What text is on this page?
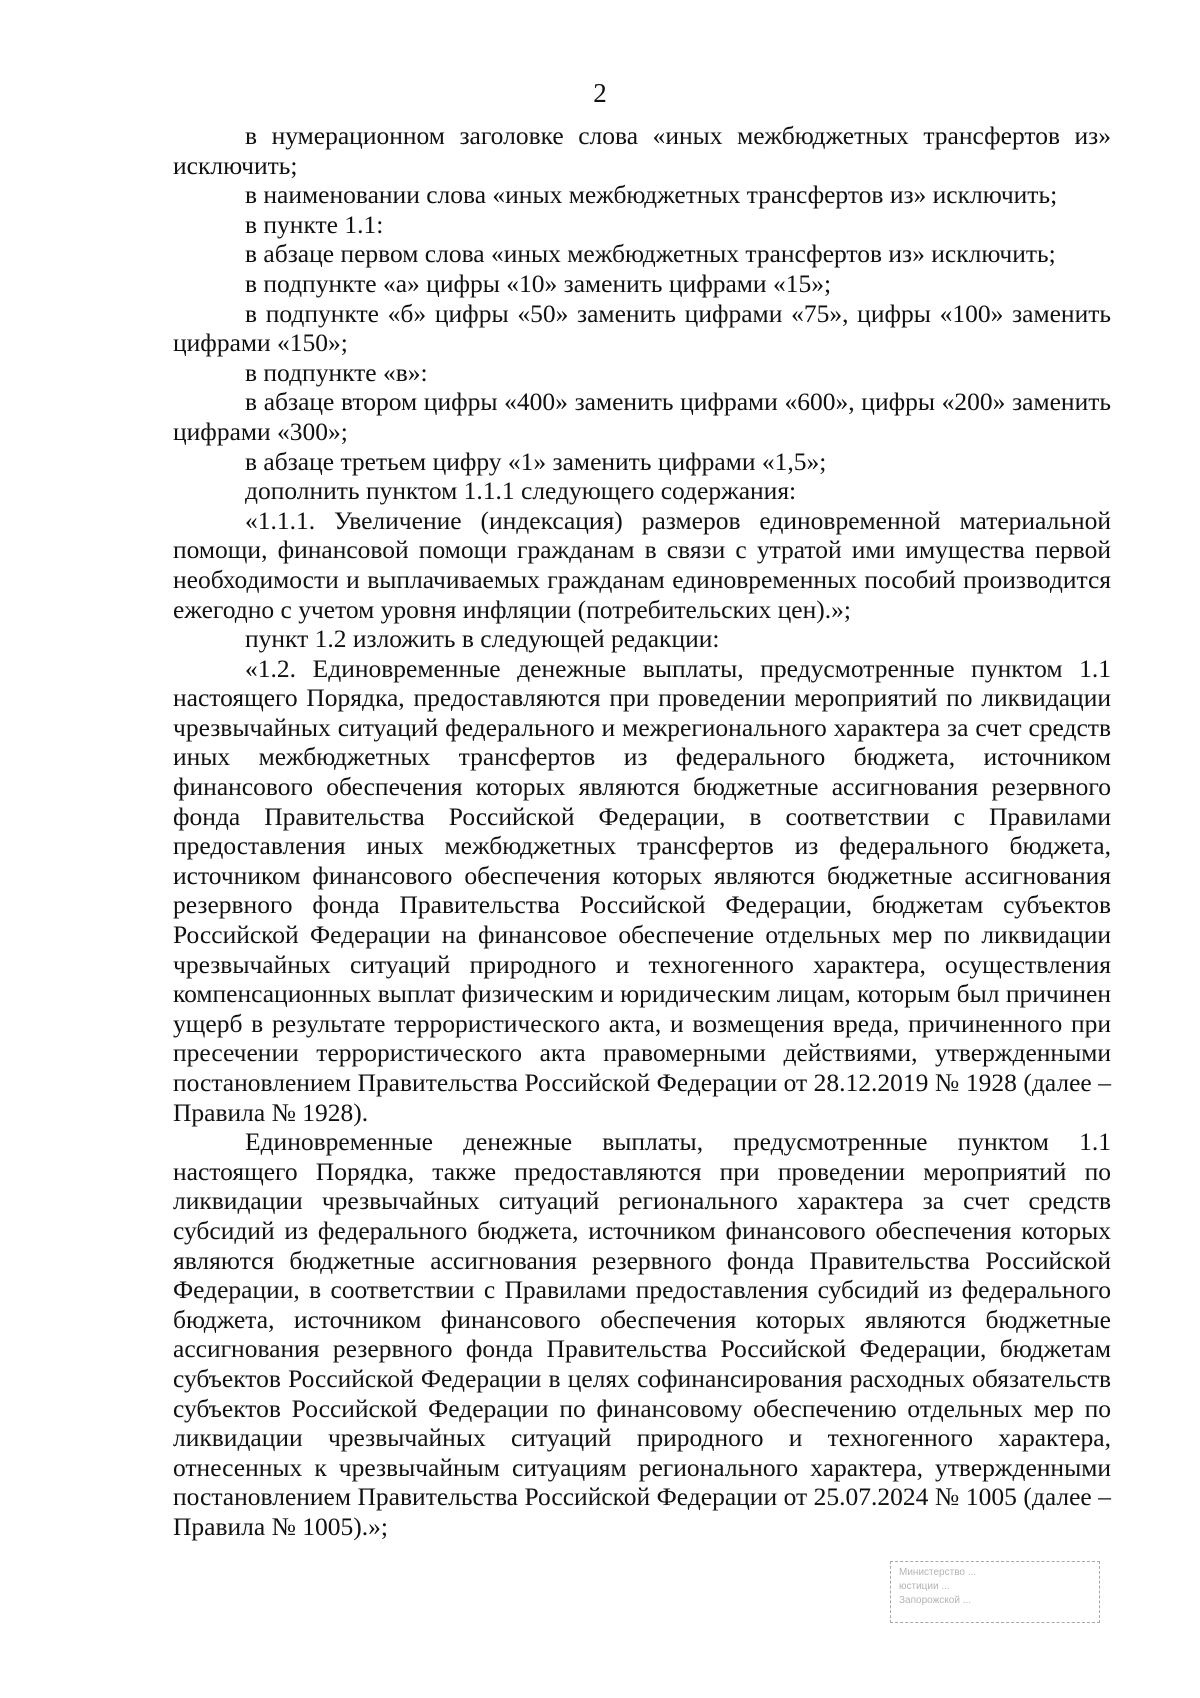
2

в нумерационном заголовке слова «иных межбюджетных трансфертов из» исключить;

в наименовании слова «иных межбюджетных трансфертов из» исключить;

в пункте 1.1:

в абзаце первом слова «иных межбюджетных трансфертов из» исключить;

в подпункте «а» цифры «10» заменить цифрами «15»;

в подпункте «б» цифры «50» заменить цифрами «75», цифры «100» заменить цифрами «150»;

в подпункте «в»:

в абзаце втором цифры «400» заменить цифрами «600», цифры «200» заменить цифрами «300»;

в абзаце третьем цифру «1» заменить цифрами «1,5»;

дополнить пунктом 1.1.1 следующего содержания:

«1.1.1. Увеличение (индексация) размеров единовременной материальной помощи, финансовой помощи гражданам в связи с утратой ими имущества первой необходимости и выплачиваемых гражданам единовременных пособий производится ежегодно с учетом уровня инфляции (потребительских цен).»;

пункт 1.2 изложить в следующей редакции:

«1.2. Единовременные денежные выплаты, предусмотренные пунктом 1.1 настоящего Порядка, предоставляются при проведении мероприятий по ликвидации чрезвычайных ситуаций федерального и межрегионального характера за счет средств иных межбюджетных трансфертов из федерального бюджета, источником финансового обеспечения которых являются бюджетные ассигнования резервного фонда Правительства Российской Федерации, в соответствии с Правилами предоставления иных межбюджетных трансфертов из федерального бюджета, источником финансового обеспечения которых являются бюджетные ассигнования резервного фонда Правительства Российской Федерации, бюджетам субъектов Российской Федерации на финансовое обеспечение отдельных мер по ликвидации чрезвычайных ситуаций природного и техногенного характера, осуществления компенсационных выплат физическим и юридическим лицам, которым был причинен ущерб в результате террористического акта, и возмещения вреда, причиненного при пресечении террористического акта правомерными действиями, утвержденными постановлением Правительства Российской Федерации от 28.12.2019 № 1928 (далее – Правила № 1928).

Единовременные денежные выплаты, предусмотренные пунктом 1.1 настоящего Порядка, также предоставляются при проведении мероприятий по ликвидации чрезвычайных ситуаций регионального характера за счет средств субсидий из федерального бюджета, источником финансового обеспечения которых являются бюджетные ассигнования резервного фонда Правительства Российской Федерации, в соответствии с Правилами предоставления субсидий из федерального бюджета, источником финансового обеспечения которых являются бюджетные ассигнования резервного фонда Правительства Российской Федерации, бюджетам субъектов Российской Федерации в целях софинансирования расходных обязательств субъектов Российской Федерации по финансовому обеспечению отдельных мер по ликвидации чрезвычайных ситуаций природного и техногенного характера, отнесенных к чрезвычайным ситуациям регионального характера, утвержденными постановлением Правительства Российской Федерации от 25.07.2024 № 1005 (далее – Правила № 1005).»;

Министерство ...
юстиции ...
Запорожской ...
